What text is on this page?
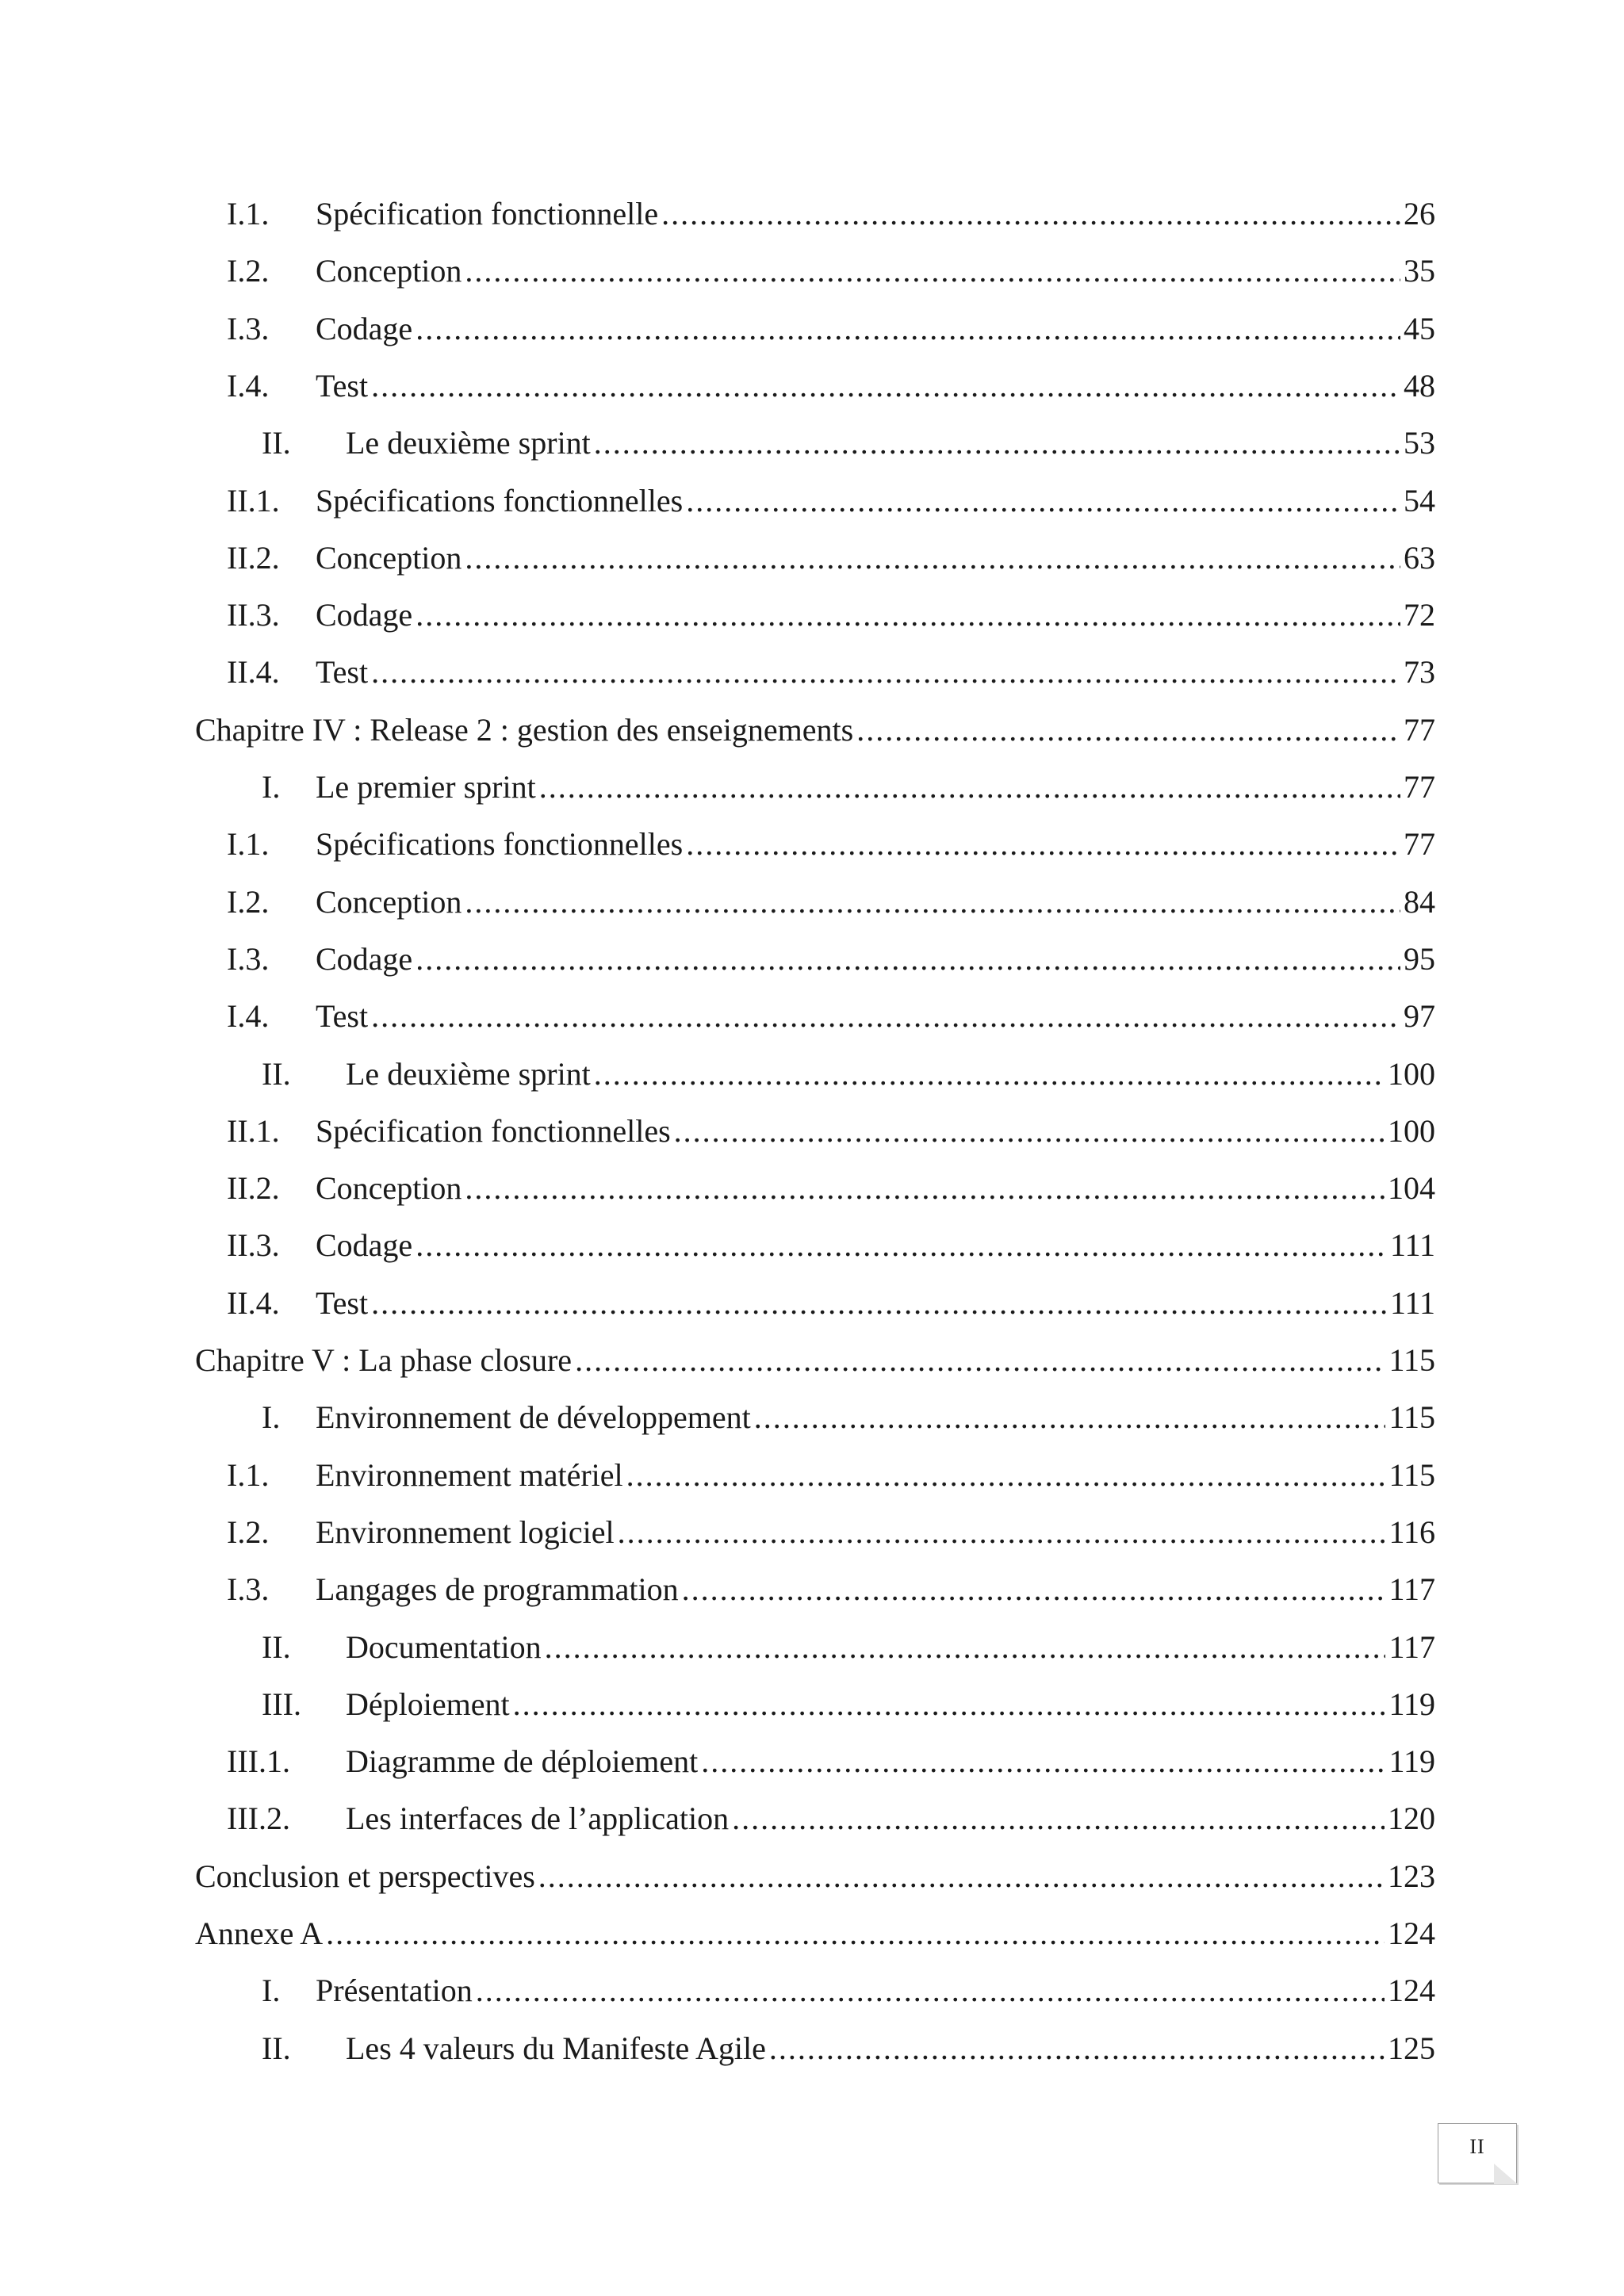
I.1. Spécification fonctionnelle .....	26
I.2. Conception .....	35
I.3. Codage .....	45
I.4. Test .....	48
II. Le deuxième sprint .....	53
II.1. Spécifications fonctionnelles .....	54
II.2. Conception .....	63
II.3. Codage .....	72
II.4. Test .....	73
Chapitre IV : Release 2 : gestion des enseignements .....	77
I. Le premier sprint .....	77
I.1. Spécifications fonctionnelles .....	77
I.2. Conception .....	84
I.3. Codage .....	95
I.4. Test .....	97
II. Le deuxième sprint .....	100
II.1. Spécification fonctionnelles .....	100
II.2. Conception .....	104
II.3. Codage .....	111
II.4. Test .....	111
Chapitre V : La phase closure .....	115
I. Environnement de développement .....	115
I.1. Environnement matériel .....	115
I.2. Environnement logiciel .....	116
I.3. Langages de programmation .....	117
II. Documentation .....	117
III. Déploiement .....	119
III.1. Diagramme de déploiement .....	119
III.2. Les interfaces de l’application .....	120
Conclusion et perspectives .....	123
Annexe A .....	124
I. Présentation .....	124
II. Les 4 valeurs du Manifeste Agile .....	125
II
